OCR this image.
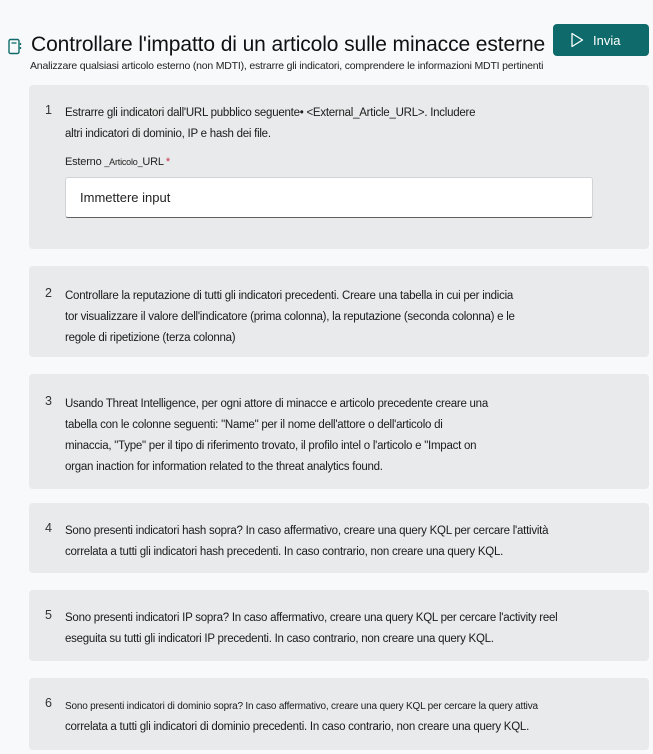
Controllare l'impatto di un articolo sulle minacce esterne	Invia
Analizzare qualsiasi articolo esterno (non MDTI), estrarre gli indicatori, comprendere le informazioni MDTI pertinenti
1 Estrarre gli indicatori dall'URL pubblico seguente• <External_Article_URL>. Includere
altri indicatori di dominio, IP e hash dei file.
Esterno _Articolo_URL *
Immettere input
2 Controllare la reputazione di tutti gli indicatori precedenti. Creare una tabella in cui per indicia
tor visualizzare il valore dell'indicatore (prima colonna), la reputazione (seconda colonna) e le
regole di ripetizione (terza colonna)
3 Usando Threat Intelligence, per ogni attore di minacce e articolo precedente creare una
tabella con le colonne seguenti: "Name" per il nome dell'attore o dell'articolo di
minaccia, "Type" per il tipo di riferimento trovato, il profilo intel o l'articolo e "Impact on
organ inaction for information related to the threat analytics found.
4 Sono presenti indicatori hash sopra? In caso affermativo, creare una query KQL per cercare l'attività
correlata a tutti gli indicatori hash precedenti. In caso contrario, non creare una query KQL.
5 Sono presenti indicatori IP sopra? In caso affermativo, creare una query KQL per cercare l'activity reel
eseguita su tutti gli indicatori IP precedenti. In caso contrario, non creare una query KQL.
6 Sono presenti indicatori di dominio sopra? In caso affermativo, creare una query KQL per cercare la query attiva
correlata a tutti gli indicatori di dominio precedenti. In caso contrario, non creare una query KQL.
